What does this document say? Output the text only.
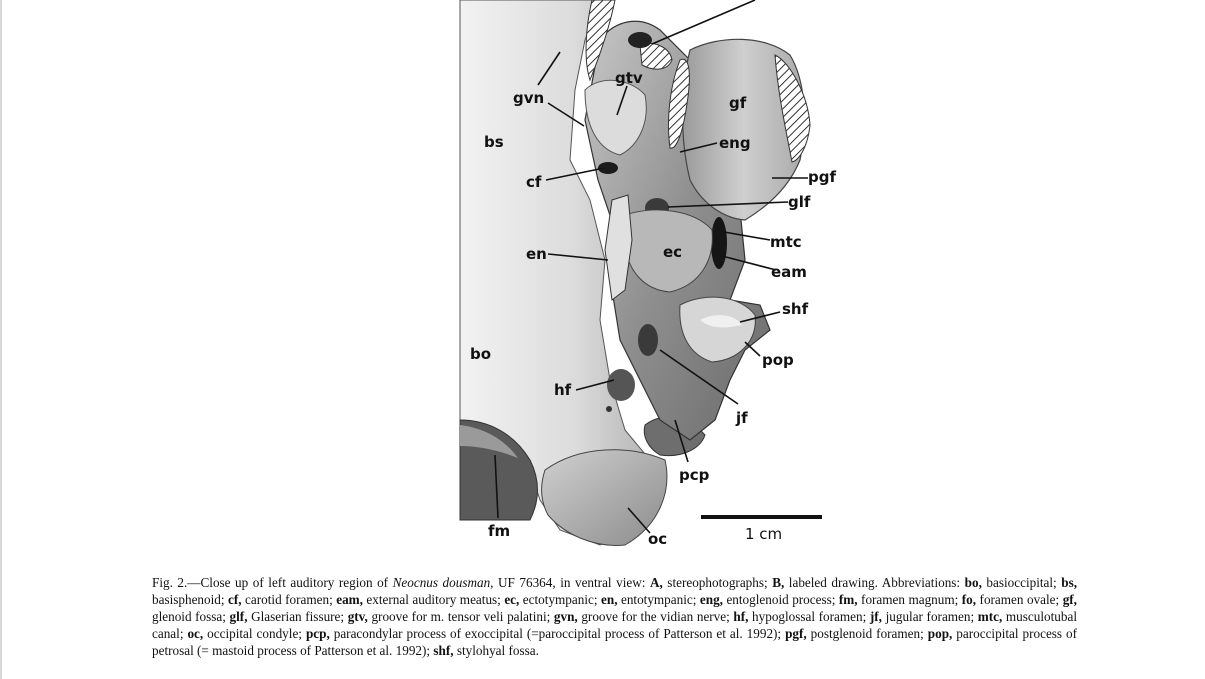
gvn
gtv
gf
bs	eng
pgf
cf
glf
mtc
ec
en
eam
shf
bo	pop
hf
jf
pcp
fm	oc	1 cm
Fig. 2.—Close up of left auditory region of Neocnus dousman, UF 76364, in ventral view: A, stereophotographs; B, labeled drawing. Abbreviations: bo, basioccipital; bs, basisphenoid; cf, carotid foramen; eam, external auditory meatus; ec, ectotympanic; en, entotympanic; eng, entoglenoid process; fm, foramen magnum; fo, foramen ovale; gf, glenoid fossa; glf, Glaserian fissure; gtv, groove for m. tensor veli palatini; gvn, groove for the vidian nerve; hf, hypoglossal foramen; jf, jugular foramen; mtc, musculotubal canal; oc, occipital condyle; pcp, paracondylar process of exoccipital (=paroccipital process of Patterson et al. 1992); pgf, postglenoid foramen; pop, paroccipital process of petrosal (= mastoid process of Patterson et al. 1992); shf, stylohyal fossa.
